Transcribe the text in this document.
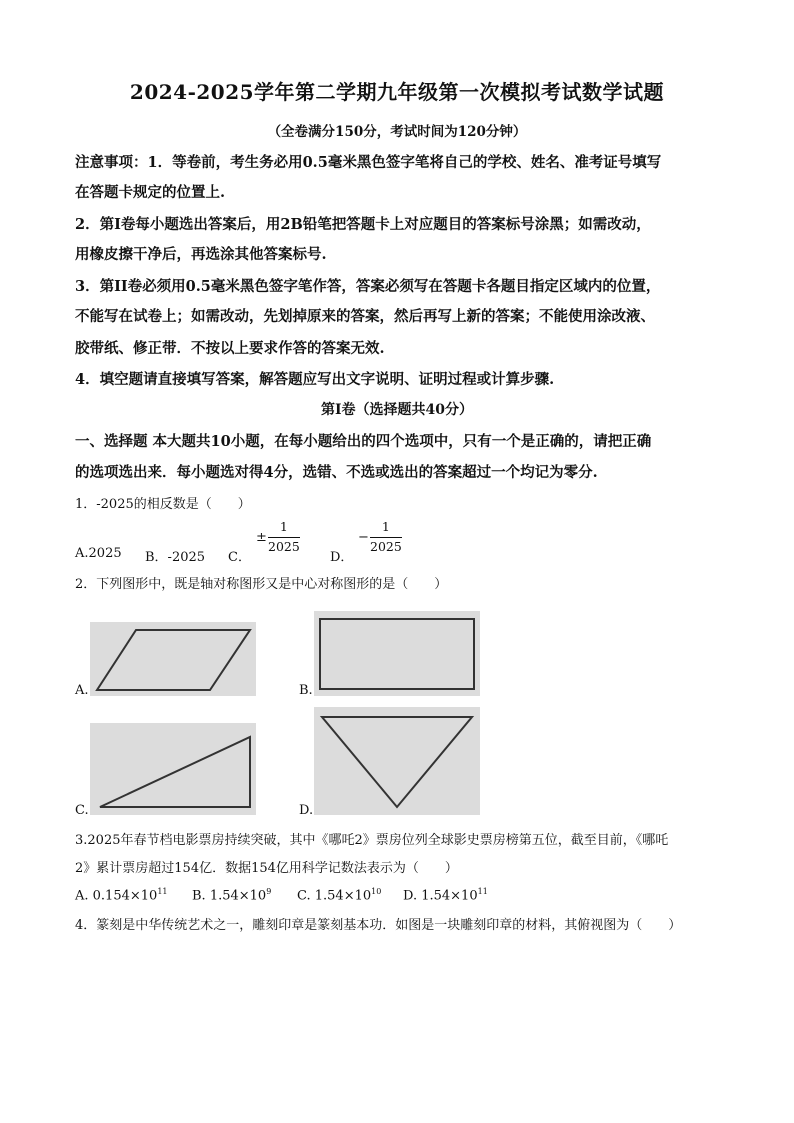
2024-2025学年第二学期九年级第一次模拟考试数学试题
（全卷满分150分，考试时间为120分钟）
注意事项：1．等卷前，考生务必用0.5毫米黑色签字笔将自己的学校、姓名、准考证号填写
在答题卡规定的位置上.
2．第I卷每小题选出答案后，用2B铅笔把答题卡上对应题目的答案标号涂黑；如需改动，
用橡皮擦干净后，再选涂其他答案标号.
3．第II卷必须用0.5毫米黑色签字笔作答，答案必须写在答题卡各题目指定区域内的位置，
不能写在试卷上；如需改动，先划掉原来的答案，然后再写上新的答案；不能使用涂改液、
胶带纸、修正带．不按以上要求作答的答案无效.
4．填空题请直接填写答案，解答题应写出文字说明、证明过程或计算步骤.
第I卷（选择题共40分）
一、选择题 本大题共10小题，在每小题给出的四个选项中，只有一个是正确的，请把正确
的选项选出来．每小题选对得4分，选错、不选或选出的答案超过一个均记为零分.
1．-2025的相反数是（　　）
A.2025 B．-2025 C．
±
1
2025
D．
−
1
2025
2．下列图形中，既是轴对称图形又是中心对称图形的是（　　）
A.	B.
C.	D.
3.2025年春节档电影票房持续突破，其中《哪吒2》票房位列全球影史票房榜第五位，截至目前，《哪吒
2》累计票房超过154亿．数据154亿用科学记数法表示为（　　）
A. $0.154\times 10^{11}$ B. $1.54\times 10^9$ C. $1.54\times 10^{10}$ D. $1.54\times 10^{11}$
4．篆刻是中华传统艺术之一，雕刻印章是篆刻基本功．如图是一块雕刻印章的材料，其俯视图为（　　）
